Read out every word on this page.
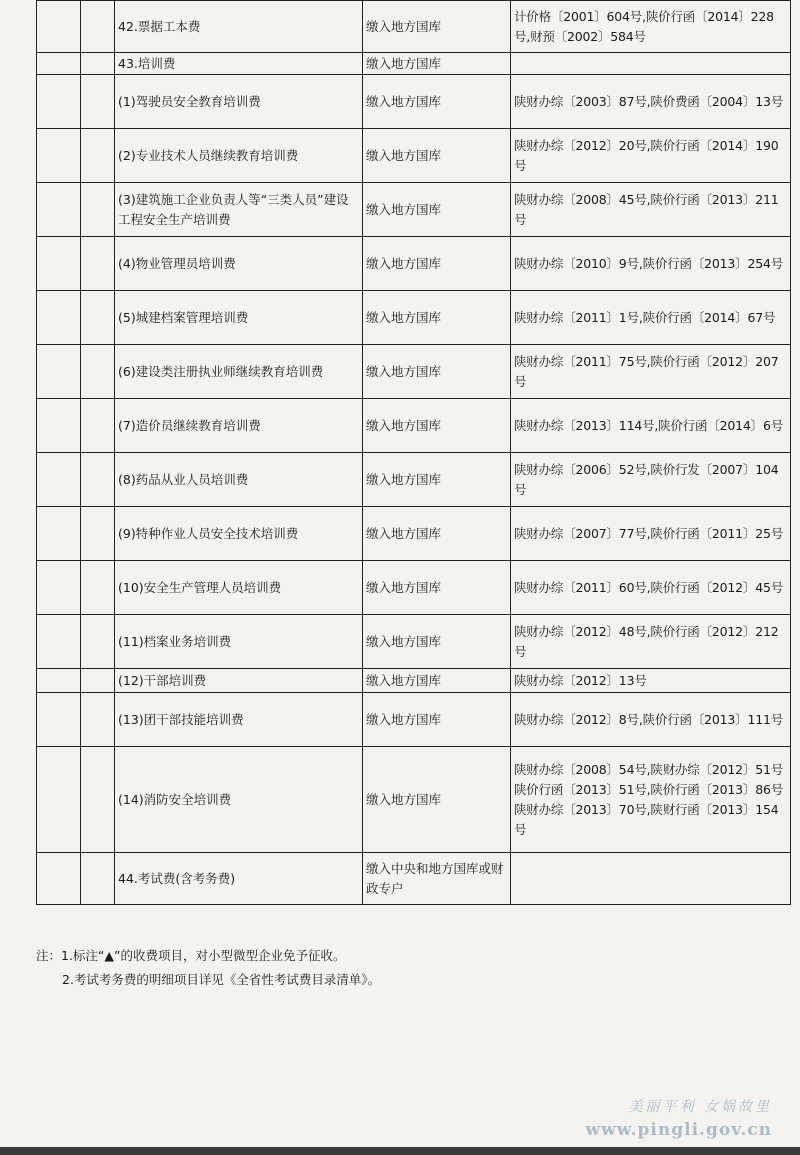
		42.票据工本费	缴入地方国库	计价格〔2001〕604号,陕价行函〔2014〕228号,财预〔2002〕584号
		43.培训费	缴入地方国库	
		(1)驾驶员安全教育培训费	缴入地方国库	陕财办综〔2003〕87号,陕价费函〔2004〕13号
		(2)专业技术人员继续教育培训费	缴入地方国库	陕财办综〔2012〕20号,陕价行函〔2014〕190号
		(3)建筑施工企业负责人等“三类人员”建设工程安全生产培训费	缴入地方国库	陕财办综〔2008〕45号,陕价行函〔2013〕211号
		(4)物业管理员培训费	缴入地方国库	陕财办综〔2010〕9号,陕价行函〔2013〕254号
		(5)城建档案管理培训费	缴入地方国库	陕财办综〔2011〕1号,陕价行函〔2014〕67号
		(6)建设类注册执业师继续教育培训费	缴入地方国库	陕财办综〔2011〕75号,陕价行函〔2012〕207号
		(7)造价员继续教育培训费	缴入地方国库	陕财办综〔2013〕114号,陕价行函〔2014〕6号
		(8)药品从业人员培训费	缴入地方国库	陕财办综〔2006〕52号,陕价行发〔2007〕104号
		(9)特种作业人员安全技术培训费	缴入地方国库	陕财办综〔2007〕77号,陕价行函〔2011〕25号
		(10)安全生产管理人员培训费	缴入地方国库	陕财办综〔2011〕60号,陕价行函〔2012〕45号
		(11)档案业务培训费	缴入地方国库	陕财办综〔2012〕48号,陕价行函〔2012〕212号
		(12)干部培训费	缴入地方国库	陕财办综〔2012〕13号
		(13)团干部技能培训费	缴入地方国库	陕财办综〔2012〕8号,陕价行函〔2013〕111号
		(14)消防安全培训费	缴入地方国库	陕财办综〔2008〕54号,陕财办综〔2012〕51号陕价行函〔2013〕51号,陕价行函〔2013〕86号陕财办综〔2013〕70号,陕财行函〔2013〕154号
		44.考试费(含考务费)	缴入中央和地方国库或财政专户	
注：1.标注“▲”的收费项目，对小型微型企业免予征收。
2.考试考务费的明细项目详见《全省性考试费目录清单》。
美丽平利 女娲故里
www.pingli.gov.cn
